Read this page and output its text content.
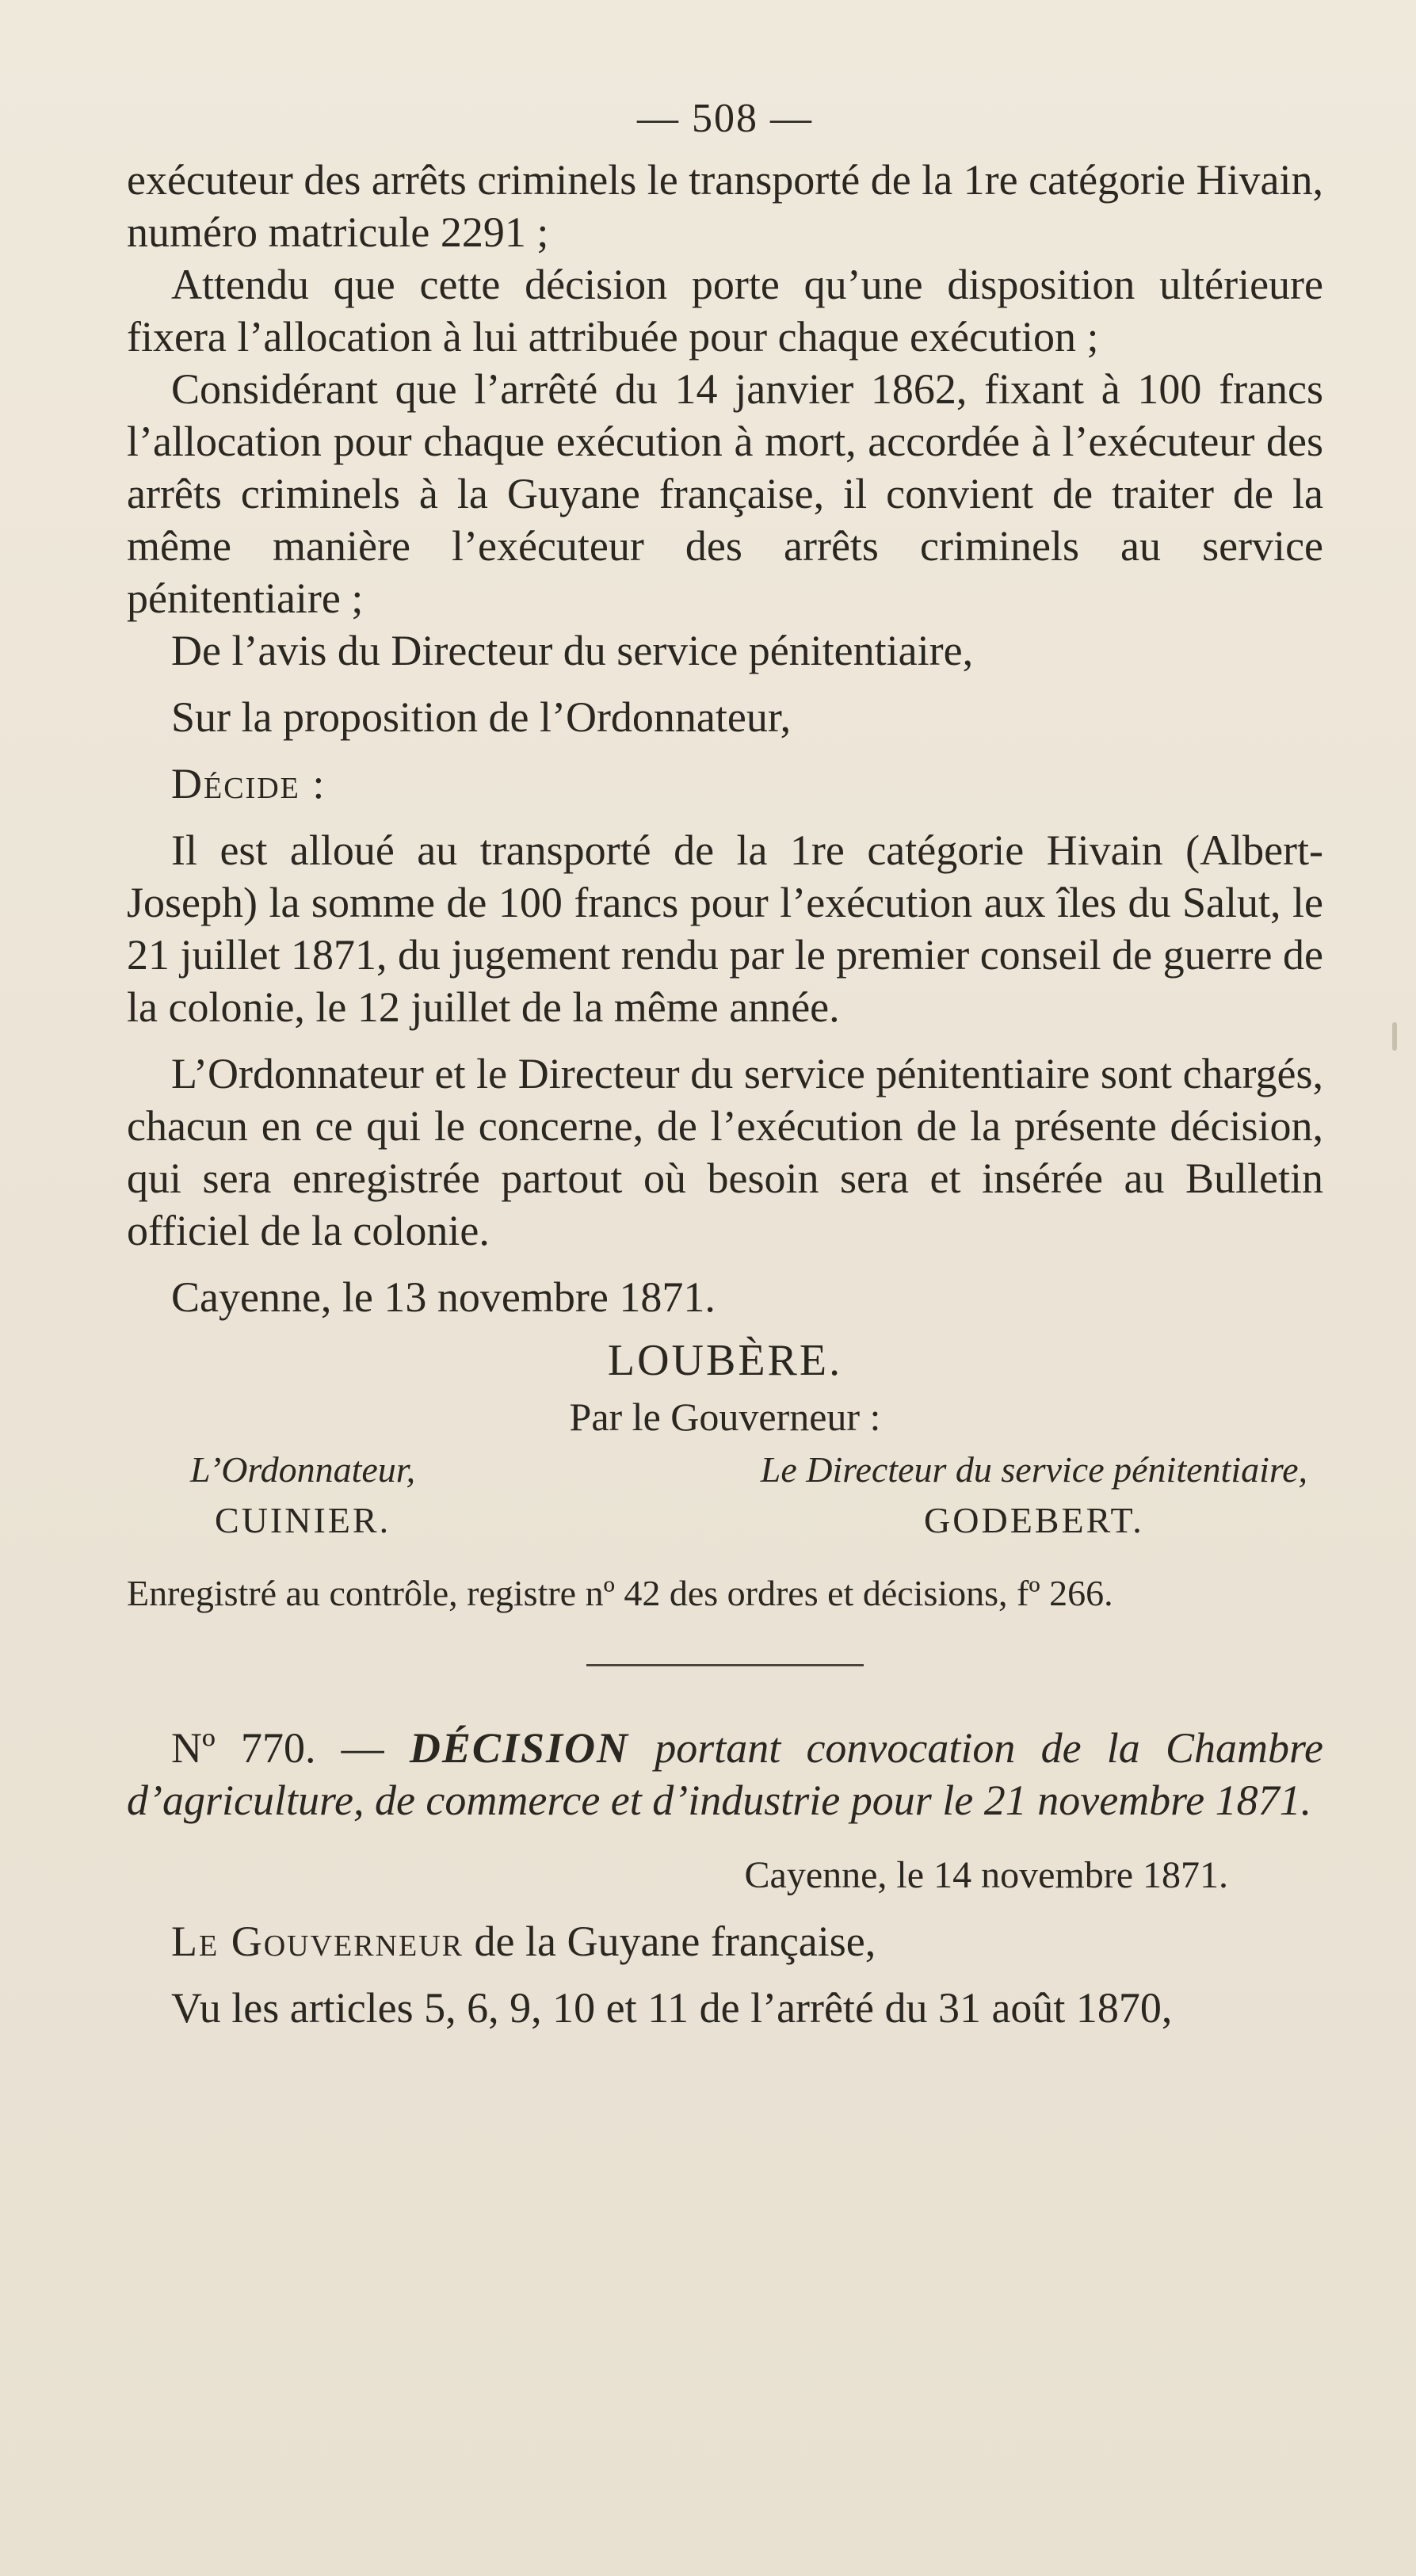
— 508 —

exécuteur des arrêts criminels le transporté de la 1re catégorie Hivain, numéro matricule 2291 ;

Attendu que cette décision porte qu’une disposition ultérieure fixera l’allocation à lui attribuée pour chaque exécution ;

Considérant que l’arrêté du 14 janvier 1862, fixant à 100 francs l’allocation pour chaque exécution à mort, accordée à l’exécuteur des arrêts criminels à la Guyane française, il convient de traiter de la même manière l’exécuteur des arrêts criminels au service pénitentiaire ;

De l’avis du Directeur du service pénitentiaire,

Sur la proposition de l’Ordonnateur,

Décide :

Il est alloué au transporté de la 1re catégorie Hivain (Albert-Joseph) la somme de 100 francs pour l’exécution aux îles du Salut, le 21 juillet 1871, du jugement rendu par le premier conseil de guerre de la colonie, le 12 juillet de la même année.

L’Ordonnateur et le Directeur du service pénitentiaire sont chargés, chacun en ce qui le concerne, de l’exécution de la présente décision, qui sera enregistrée partout où besoin sera et insérée au Bulletin officiel de la colonie.

Cayenne, le 13 novembre 1871.

LOUBÈRE.
Par le Gouverneur :
L’Ordonnateur,
CUINIER.
Le Directeur du service pénitentiaire,
GODEBERT.
Enregistré au contrôle, registre nº 42 des ordres et décisions, fº 266.

Nº 770. — DÉCISION portant convocation de la Chambre d’agriculture, de commerce et d’industrie pour le 21 novembre 1871.

Cayenne, le 14 novembre 1871.

Le Gouverneur de la Guyane française,

Vu les articles 5, 6, 9, 10 et 11 de l’arrêté du 31 août 1870,
